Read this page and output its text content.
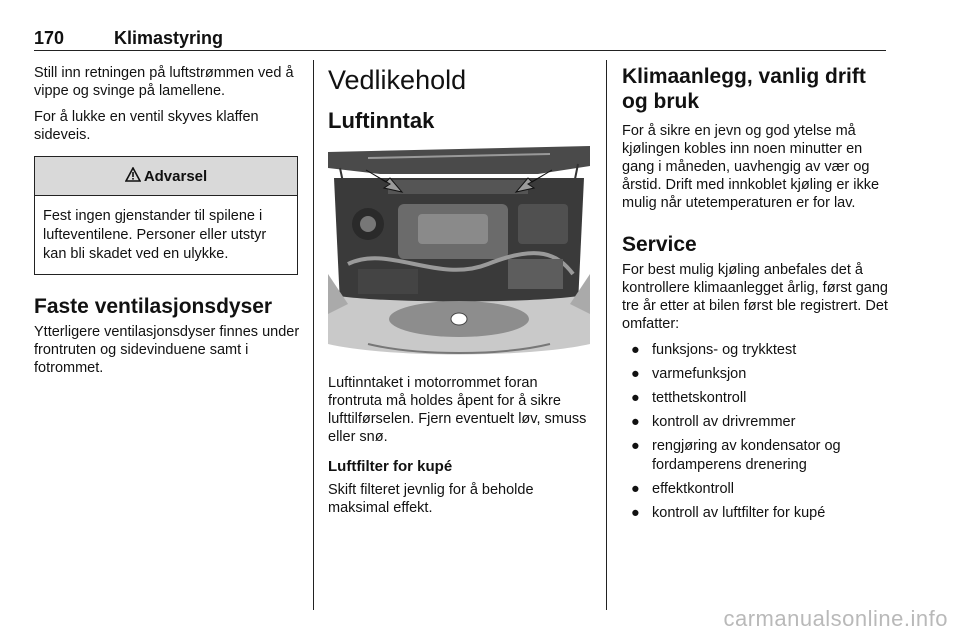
170	Klimastyring

Still inn retningen på luftstrømmen ved å vippe og svinge på lamellene.

For å lukke en ventil skyves klaffen sideveis.

Advarsel
Fest ingen gjenstander til spilene i lufteventilene. Personer eller utstyr kan bli skadet ved en ulykke.
Faste ventilasjonsdyser

Ytterligere ventilasjonsdyser finnes under frontruten og sidevinduene samt i fotrommet.

Vedlikehold
Luftinntak

Luftinntaket i motorrommet foran frontruta må holdes åpent for å sikre lufttilførselen. Fjern eventuelt løv, smuss eller snø.

Luftfilter for kupé

Skift filteret jevnlig for å beholde maksimal effekt.

Klimaanlegg, vanlig drift og bruk

For å sikre en jevn og god ytelse må kjølingen kobles inn noen minutter en gang i måneden, uavhengig av vær og årstid. Drift med innkoblet kjøling er ikke mulig når utetemperaturen er for lav.

Service

For best mulig kjøling anbefales det å kontrollere klimaanlegget årlig, først gang tre år etter at bilen først ble registrert. Det omfatter:

● funksjons- og trykktest
● varmefunksjon
● tetthetskontroll
● kontroll av drivremmer
● rengjøring av kondensator og fordamperens drenering
● effektkontroll
● kontroll av luftfilter for kupé
carmanualsonline.info
